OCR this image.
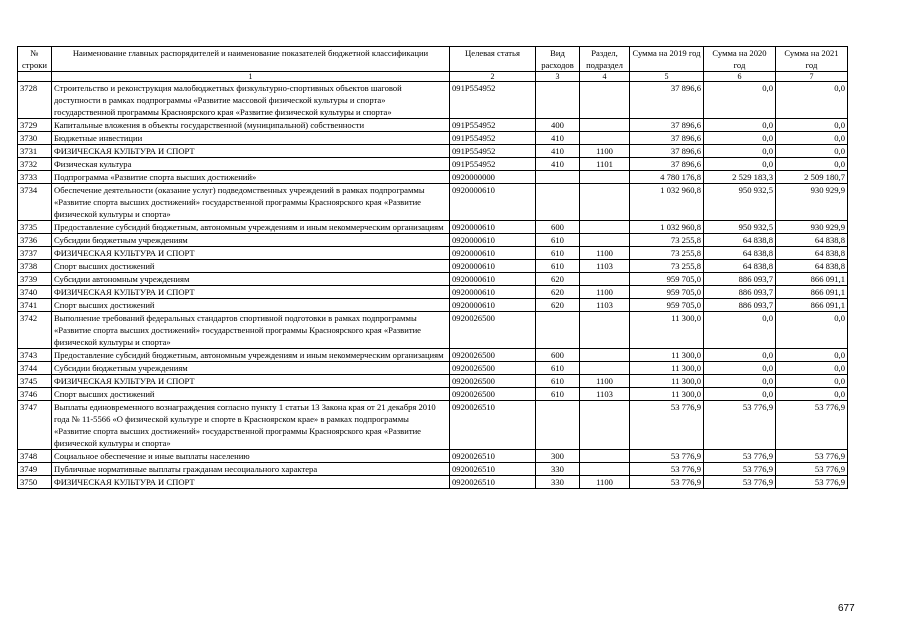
№ строки	Наименование главных распорядителей и наименование показателей бюджетной классификации	Целевая статья	Вид расходов	Раздел, подраздел	Сумма на 2019 год	Сумма на 2020 год	Сумма на 2021 год
	1	2	3	4	5	6	7
3728	Строительство и реконструкция малобюджетных физкультурно-спортивных объектов шаговой доступности в рамках подпрограммы «Развитие массовой физической культуры и спорта» государственной программы Красноярского края «Развитие физической культуры и спорта»	091P554952			37 896,6	0,0	0,0
3729	Капитальные вложения в объекты государственной (муниципальной) собственности	091P554952	400		37 896,6	0,0	0,0
3730	Бюджетные инвестиции	091P554952	410		37 896,6	0,0	0,0
3731	ФИЗИЧЕСКАЯ КУЛЬТУРА И СПОРТ	091P554952	410	1100	37 896,6	0,0	0,0
3732	Физическая культура	091P554952	410	1101	37 896,6	0,0	0,0
3733	Подпрограмма «Развитие спорта высших достижений»	0920000000			4 780 176,8	2 529 183,3	2 509 180,7
3734	Обеспечение деятельности (оказание услуг) подведомственных учреждений в рамках подпрограммы «Развитие спорта высших достижений» государственной программы Красноярского края «Развитие физической культуры и спорта»	0920000610			1 032 960,8	950 932,5	930 929,9
3735	Предоставление субсидий бюджетным, автономным учреждениям и иным некоммерческим организациям	0920000610	600		1 032 960,8	950 932,5	930 929,9
3736	Субсидии бюджетным учреждениям	0920000610	610		73 255,8	64 838,8	64 838,8
3737	ФИЗИЧЕСКАЯ КУЛЬТУРА И СПОРТ	0920000610	610	1100	73 255,8	64 838,8	64 838,8
3738	Спорт высших достижений	0920000610	610	1103	73 255,8	64 838,8	64 838,8
3739	Субсидии автономным учреждениям	0920000610	620		959 705,0	886 093,7	866 091,1
3740	ФИЗИЧЕСКАЯ КУЛЬТУРА И СПОРТ	0920000610	620	1100	959 705,0	886 093,7	866 091,1
3741	Спорт высших достижений	0920000610	620	1103	959 705,0	886 093,7	866 091,1
3742	Выполнение требований федеральных стандартов спортивной подготовки в рамках подпрограммы «Развитие спорта высших достижений» государственной программы Красноярского края «Развитие физической культуры и спорта»	0920026500			11 300,0	0,0	0,0
3743	Предоставление субсидий бюджетным, автономным учреждениям и иным некоммерческим организациям	0920026500	600		11 300,0	0,0	0,0
3744	Субсидии бюджетным учреждениям	0920026500	610		11 300,0	0,0	0,0
3745	ФИЗИЧЕСКАЯ КУЛЬТУРА И СПОРТ	0920026500	610	1100	11 300,0	0,0	0,0
3746	Спорт высших достижений	0920026500	610	1103	11 300,0	0,0	0,0
3747	Выплаты единовременного вознаграждения согласно пункту 1 статьи 13 Закона края от 21 декабря 2010 года № 11-5566 «О физической культуре и спорте в Красноярском крае» в рамках подпрограммы «Развитие спорта высших достижений» государственной программы Красноярского края «Развитие физической культуры и спорта»	0920026510			53 776,9	53 776,9	53 776,9
3748	Социальное обеспечение и иные выплаты населению	0920026510	300		53 776,9	53 776,9	53 776,9
3749	Публичные нормативные выплаты гражданам несоциального характера	0920026510	330		53 776,9	53 776,9	53 776,9
3750	ФИЗИЧЕСКАЯ КУЛЬТУРА И СПОРТ	0920026510	330	1100	53 776,9	53 776,9	53 776,9
677
